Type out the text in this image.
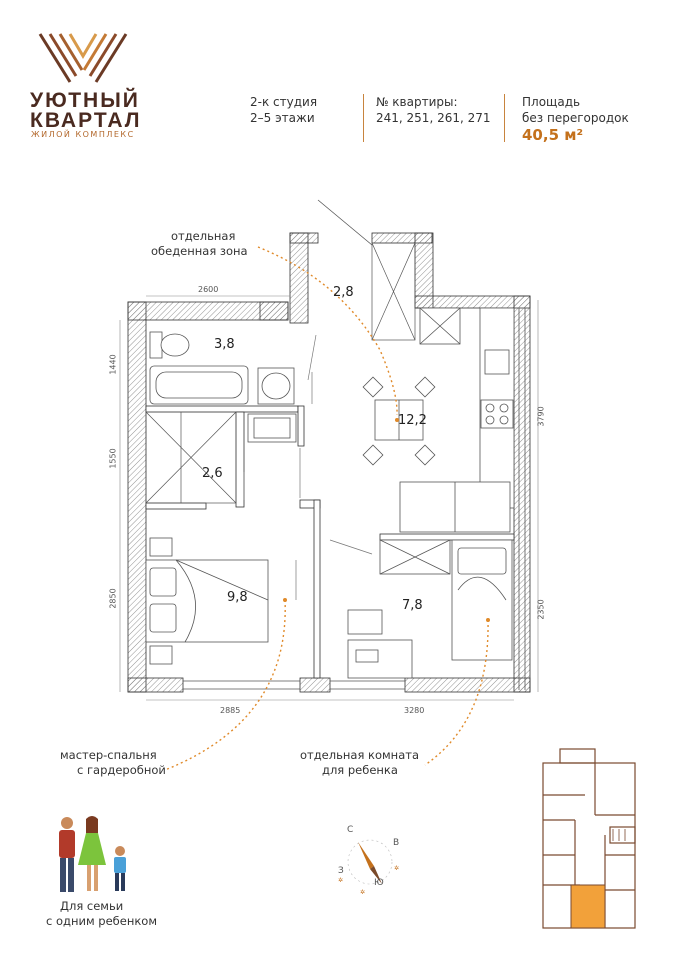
УЮТНЫЙ
КВАРТАЛ
ЖИЛОЙ КОМПЛЕКС
2-к студия
2–5 этажи
№ квартиры:
241, 251, 261, 271
Площадь
без перегородок
40,5 м²
2,8
3,8
12,2
2,6
9,8
7,8
2600
1440
1550
2850
3790
2350
2885	3280
отдельная
обеденная зона
мастер-спальня
с гардеробной
отдельная комната
для ребенка
Для семьи
с одним ребенком
✲
✲
✲
С
В
З
Ю
